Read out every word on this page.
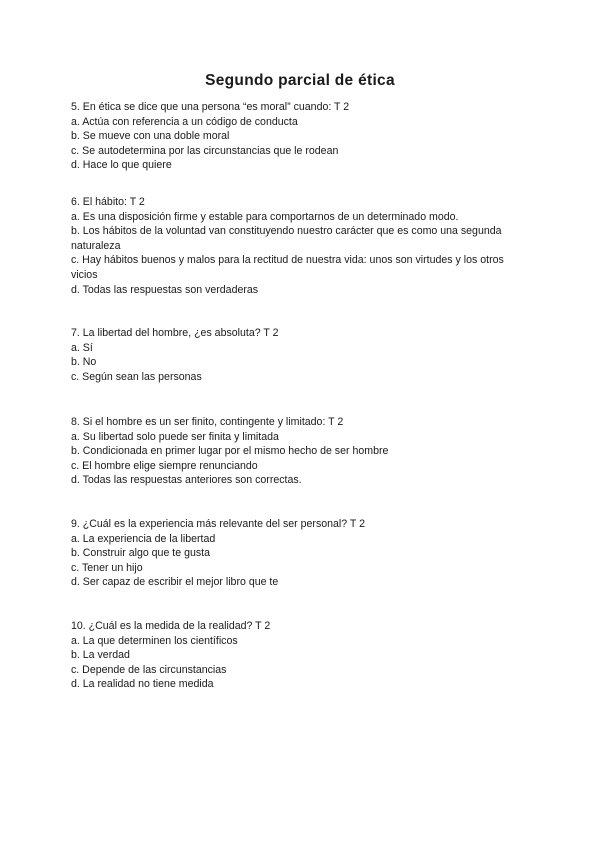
Segundo parcial de ética
5. En ética se dice que una persona “es moral” cuando: T 2
a. Actúa con referencia a un código de conducta
b. Se mueve con una doble moral
c. Se autodetermina por las circunstancias que le rodean
d. Hace lo que quiere
6. El hábito: T 2
a. Es una disposición firme y estable para comportarnos de un determinado modo.
b. Los hábitos de la voluntad van constituyendo nuestro carácter que es como una segunda naturaleza
c. Hay hábitos buenos y malos para la rectitud de nuestra vida: unos son virtudes y los otros vicios
d. Todas las respuestas son verdaderas
7. La libertad del hombre, ¿es absoluta? T 2
a. Sí
b. No
c. Según sean las personas
8. Si el hombre es un ser finito, contingente y limitado: T 2
a. Su libertad solo puede ser finita y limitada
b. Condicionada en primer lugar por el mismo hecho de ser hombre
c. El hombre elige siempre renunciando
d. Todas las respuestas anteriores son correctas.
9. ¿Cuál es la experiencia más relevante del ser personal? T 2
a. La experiencia de la libertad
b. Construir algo que te gusta
c. Tener un hijo
d. Ser capaz de escribir el mejor libro que te
10. ¿Cuál es la medida de la realidad? T 2
a. La que determinen los científicos
b. La verdad
c. Depende de las circunstancias
d. La realidad no tiene medida
